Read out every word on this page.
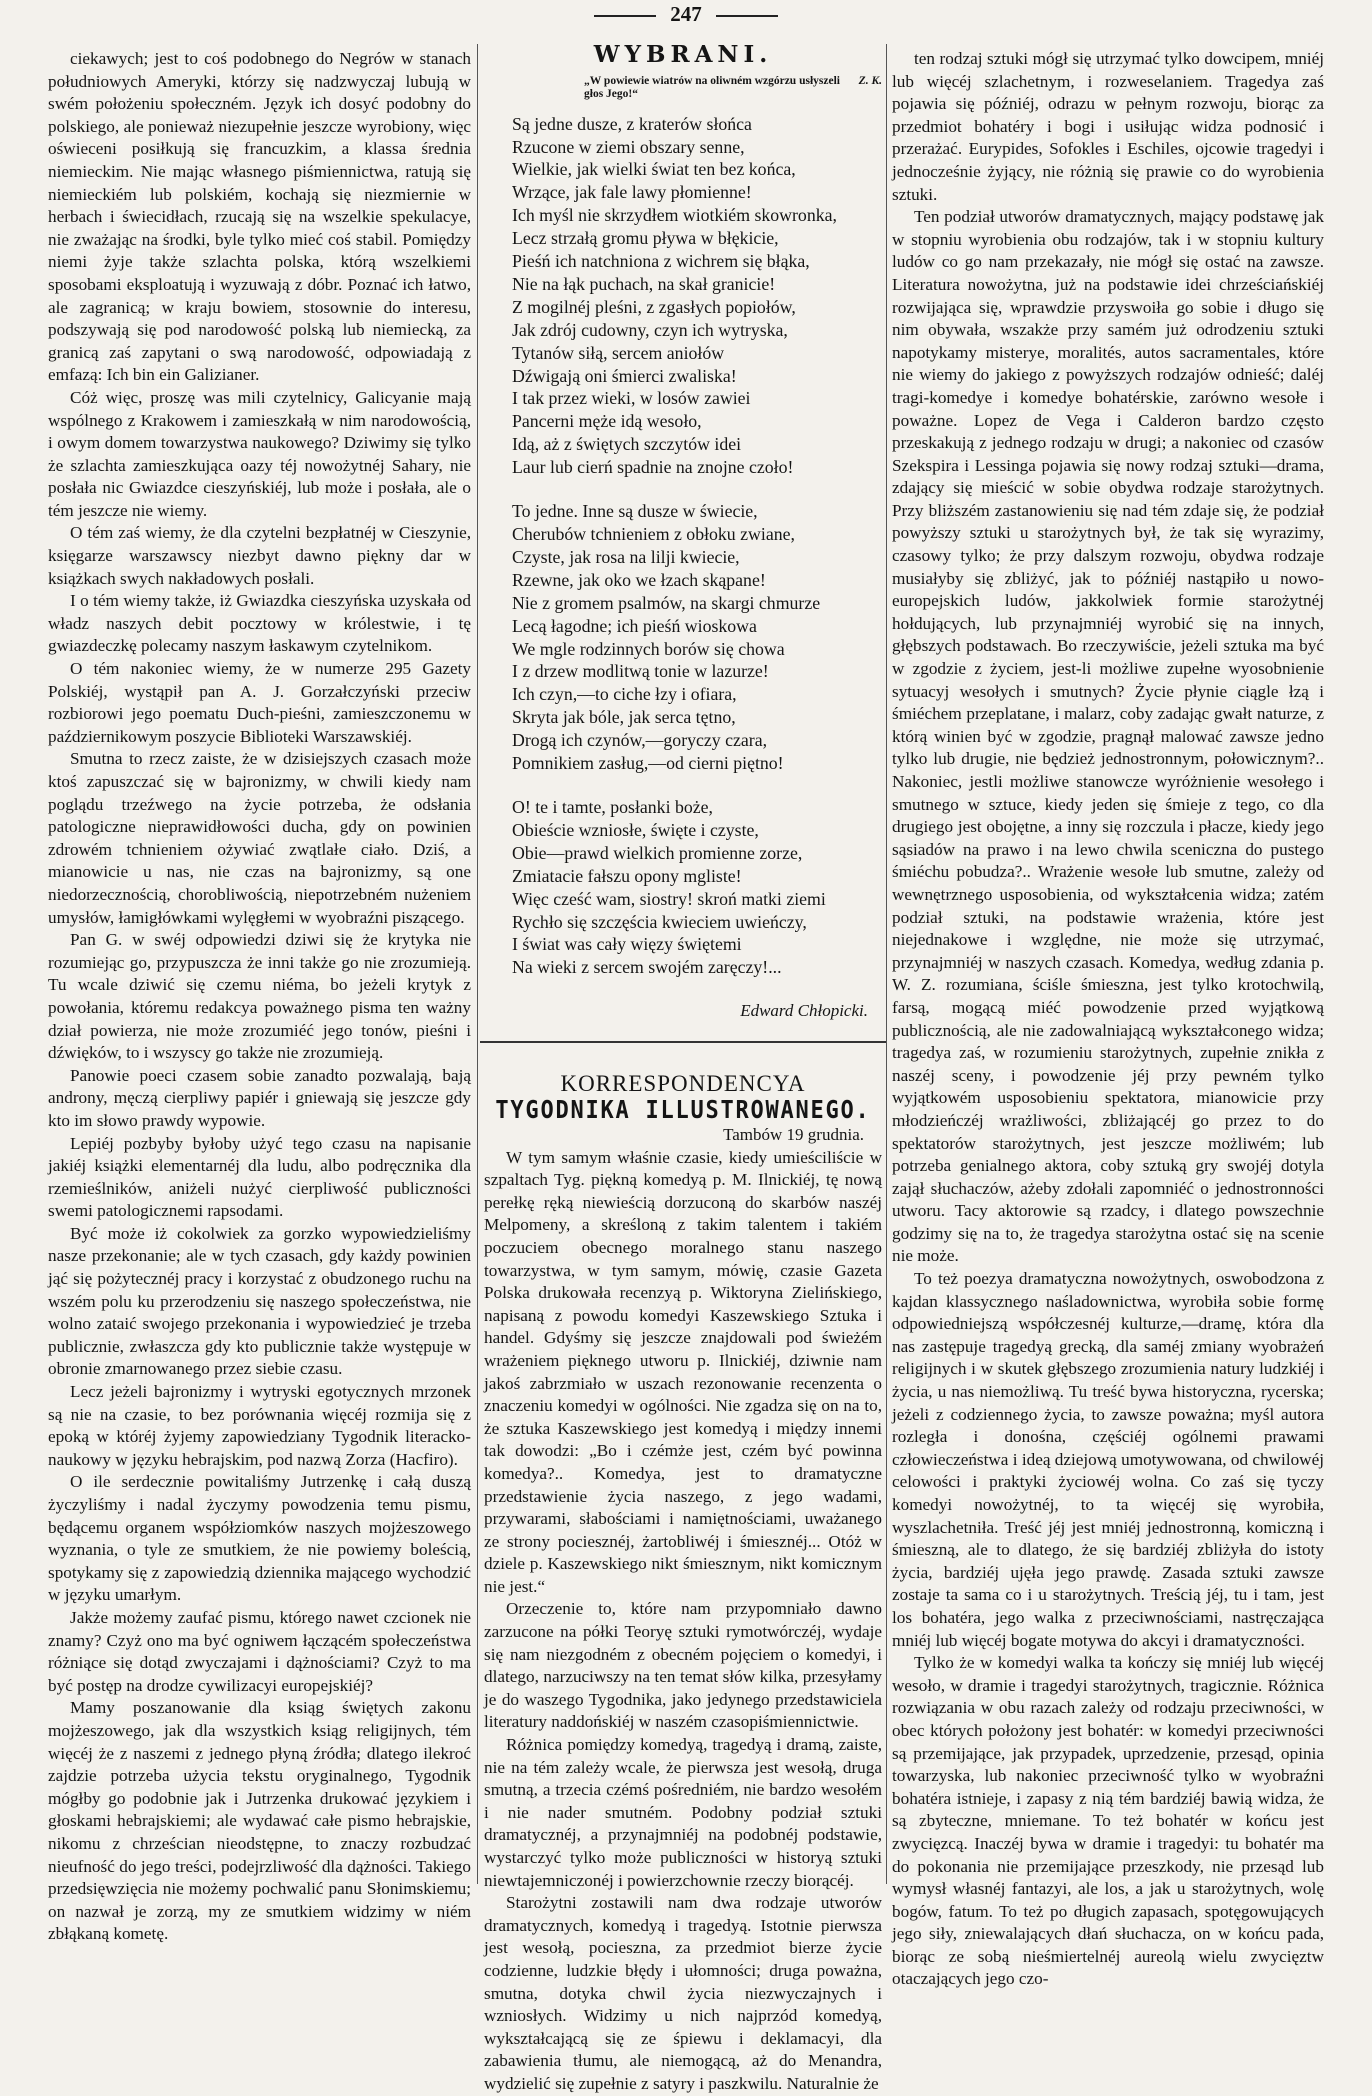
247

ciekawych; jest to coś podobnego do Negrów w stanach południowych Ameryki, którzy się nadzwyczaj lubują w swém położeniu społeczném. Język ich dosyć podobny do polskiego, ale ponieważ niezupełnie jeszcze wyrobiony, więc oświeceni posiłkują się francuzkim, a klassa średnia niemieckim. Nie mając własnego piśmiennictwa, ratują się niemieckiém lub polskiém, kochają się niezmiernie w herbach i świecidłach, rzucają się na wszelkie spekulacye, nie zważając na środki, byle tylko mieć coś stabil. Pomiędzy niemi żyje także szlachta polska, którą wszelkiemi sposobami eksploatują i wyzuwają z dóbr. Poznać ich łatwo, ale zagranicą; w kraju bowiem, stosownie do interesu, podszywają się pod narodowość polską lub niemiecką, za granicą zaś zapytani o swą narodowość, odpowiadają z emfazą: Ich bin ein Galizianer.

Cóż więc, proszę was mili czytelnicy, Galicyanie mają wspólnego z Krakowem i zamieszkałą w nim narodowością, i owym domem towarzystwa naukowego? Dziwimy się tylko że szlachta zamieszkująca oazy téj nowożytnéj Sahary, nie posłała nic Gwiazdce cieszyńskiéj, lub może i posłała, ale o tém jeszcze nie wiemy.

O tém zaś wiemy, że dla czytelni bezpłatnéj w Cieszynie, księgarze warszawscy niezbyt dawno piękny dar w książkach swych nakładowych posłali.

I o tém wiemy także, iż Gwiazdka cieszyńska uzyskała od władz naszych debit pocztowy w królestwie, i tę gwiazdeczkę polecamy naszym łaskawym czytelnikom.

O tém nakoniec wiemy, że w numerze 295 Gazety Polskiéj, wystąpił pan A. J. Gorzałczyński przeciw rozbiorowi jego poematu Duch-pieśni, zamieszczonemu w październikowym poszycie Biblioteki Warszawskiéj.

Smutna to rzecz zaiste, że w dzisiejszych czasach może ktoś zapuszczać się w bajronizmy, w chwili kiedy nam poglądu trzeźwego na życie potrzeba, że odsłania patologiczne nieprawidłowości ducha, gdy on powinien zdrowém tchnieniem ożywiać zwątlałe ciało. Dziś, a mianowicie u nas, nie czas na bajronizmy, są one niedorzecznością, chorobliwością, niepotrzebném nużeniem umysłów, łamigłówkami wylęgłemi w wyobraźni piszącego.

Pan G. w swéj odpowiedzi dziwi się że krytyka nie rozumiejąc go, przypuszcza że inni także go nie zrozumieją. Tu wcale dziwić się czemu niéma, bo jeżeli krytyk z powołania, któremu redakcya poważnego pisma ten ważny dział powierza, nie może zrozumiéć jego tonów, pieśni i dźwięków, to i wszyscy go także nie zrozumieją.

Panowie poeci czasem sobie zanadto pozwalają, bają androny, męczą cierpliwy papiér i gniewają się jeszcze gdy kto im słowo prawdy wypowie.

Lepiéj pozbyby byłoby użyć tego czasu na napisanie jakiéj książki elementarnéj dla ludu, albo podręcznika dla rzemieślników, aniżeli nużyć cierpliwość publiczności swemi patologicznemi rapsodami.

Być może iż cokolwiek za gorzko wypowiedzieliśmy nasze przekonanie; ale w tych czasach, gdy każdy powinien jąć się pożytecznéj pracy i korzystać z obudzonego ruchu na wszém polu ku przerodzeniu się naszego społeczeństwa, nie wolno zataić swojego przekonania i wypowiedzieć je trzeba publicznie, zwłaszcza gdy kto publicznie także występuje w obronie zmarnowanego przez siebie czasu.

Lecz jeżeli bajronizmy i wytryski egotycznych mrzonek są nie na czasie, to bez porównania więcéj rozmija się z epoką w któréj żyjemy zapowiedziany Tygodnik literacko-naukowy w języku hebrajskim, pod nazwą Zorza (Hacfiro).

O ile serdecznie powitaliśmy Jutrzenkę i całą duszą życzyliśmy i nadal życzymy powodzenia temu pismu, będącemu organem współziomków naszych mojżeszowego wyznania, o tyle ze smutkiem, że nie powiemy boleścią, spotykamy się z zapowiedzią dziennika mającego wychodzić w języku umarłym.

Jakże możemy zaufać pismu, którego nawet czcionek nie znamy? Czyż ono ma być ogniwem łączącém społeczeństwa różniące się dotąd zwyczajami i dążnościami? Czyż to ma być postęp na drodze cywilizacyi europejskiéj?

Mamy poszanowanie dla ksiąg świętych zakonu mojżeszowego, jak dla wszystkich ksiąg religijnych, tém więcéj że z naszemi z jednego płyną źródła; dlatego ilekroć zajdzie potrzeba użycia tekstu oryginalnego, Tygodnik mógłby go podobnie jak i Jutrzenka drukować językiem i głoskami hebrajskiemi; ale wydawać całe pismo hebrajskie, nikomu z chrześcian nieodstępne, to znaczy rozbudzać nieufność do jego treści, podejrzliwość dla dążności. Takiego przedsięwzięcia nie możemy pochwalić panu Słonimskiemu; on nazwał je zorzą, my ze smutkiem widzimy w niém zbłąkaną kometę.

WYBRANI.
Z. K.
„W powiewie wiatrów na oliwném wzgórzu usłyszeli głos Jego!“
Są jedne dusze, z kraterów słońca
Rzucone w ziemi obszary senne,
Wielkie, jak wielki świat ten bez końca,
Wrzące, jak fale lawy płomienne!
Ich myśl nie skrzydłem wiotkiém skowronka,
Lecz strzałą gromu pływa w błękicie,
Pieśń ich natchniona z wichrem się błąka,
Nie na łąk puchach, na skał granicie!
Z mogilnéj pleśni, z zgasłych popiołów,
Jak zdrój cudowny, czyn ich wytryska,
Tytanów siłą, sercem aniołów
Dźwigają oni śmierci zwaliska!
I tak przez wieki, w losów zawiei
Pancerni męże idą wesoło,
Idą, aż z świętych szczytów idei
Laur lub cierń spadnie na znojne czoło!
To jedne. Inne są dusze w świecie,
Cherubów tchnieniem z obłoku zwiane,
Czyste, jak rosa na lilji kwiecie,
Rzewne, jak oko we łzach skąpane!
Nie z gromem psalmów, na skargi chmurze
Lecą łagodne; ich pieśń wioskowa
We mgle rodzinnych borów się chowa
I z drzew modlitwą tonie w lazurze!
Ich czyn,—to ciche łzy i ofiara,
Skryta jak bóle, jak serca tętno,
Drogą ich czynów,—goryczy czara,
Pomnikiem zasług,—od cierni piętno!
O! te i tamte, posłanki boże,
Obieście wzniosłe, święte i czyste,
Obie—prawd wielkich promienne zorze,
Zmiatacie fałszu opony mgliste!
Więc cześć wam, siostry! skroń matki ziemi
Rychło się szczęścia kwieciem uwieńczy,
I świat was cały więzy świętemi
Na wieki z sercem swojém zaręczy!...
Edward Chłopicki.
KORRESPONDENCYA
TYGODNIKA ILLUSTROWANEGO.
Tambów 19 grudnia.

W tym samym właśnie czasie, kiedy umieściliście w szpaltach Tyg. piękną komedyą p. M. Ilnickiéj, tę nową perełkę ręką niewieścią dorzuconą do skarbów naszéj Melpomeny, a skreśloną z takim talentem i takiém poczuciem obecnego moralnego stanu naszego towarzystwa, w tym samym, mówię, czasie Gazeta Polska drukowała recenzyą p. Wiktoryna Zielińskiego, napisaną z powodu komedyi Kaszewskiego Sztuka i handel. Gdyśmy się jeszcze znajdowali pod świeżém wrażeniem pięknego utworu p. Ilnickiéj, dziwnie nam jakoś zabrzmiało w uszach rezonowanie recenzenta o znaczeniu komedyi w ogólności. Nie zgadza się on na to, że sztuka Kaszewskiego jest komedyą i między innemi tak dowodzi: „Bo i czémże jest, czém być powinna komedya?.. Komedya, jest to dramatyczne przedstawienie życia naszego, z jego wadami, przywarami, słabościami i namiętnościami, uważanego ze strony pociesznéj, żartobliwéj i śmiesznéj... Otóż w dziele p. Kaszewskiego nikt śmiesznym, nikt komicznym nie jest.“

Orzeczenie to, które nam przypomniało dawno zarzucone na półki Teoryę sztuki rymotwórczéj, wydaje się nam niezgodném z obecném pojęciem o komedyi, i dlatego, narzuciwszy na ten temat słów kilka, przesyłamy je do waszego Tygodnika, jako jedynego przedstawiciela literatury naddońskiéj w naszém czasopiśmiennictwie.

Różnica pomiędzy komedyą, tragedyą i dramą, zaiste, nie na tém zależy wcale, że pierwsza jest wesołą, druga smutną, a trzecia czémś pośredniém, nie bardzo wesołém i nie nader smutném. Podobny podział sztuki dramatycznéj, a przynajmniéj na podobnéj podstawie, wystarczyć tylko może publiczności w historyą sztuki niewtajemniczonéj i powierzchownie rzeczy biorącéj.

Starożytni zostawili nam dwa rodzaje utworów dramatycznych, komedyą i tragedyą. Istotnie pierwsza jest wesołą, pocieszna, za przedmiot bierze życie codzienne, ludzkie błędy i ułomności; druga poważna, smutna, dotyka chwil życia niezwyczajnych i wzniosłych. Widzimy u nich najprzód komedyą, wykształcającą się ze śpiewu i deklamacyi, dla zabawienia tłumu, ale niemogącą, aż do Menandra, wydzielić się zupełnie z satyry i paszkwilu. Naturalnie że

ten rodzaj sztuki mógł się utrzymać tylko dowcipem, mniéj lub więcéj szlachetnym, i rozweselaniem. Tragedya zaś pojawia się późniéj, odrazu w pełnym rozwoju, biorąc za przedmiot bohatéry i bogi i usiłując widza podnosić i przerażać. Eurypides, Sofokles i Eschiles, ojcowie tragedyi i jednocześnie żyjący, nie różnią się prawie co do wyrobienia sztuki.

Ten podział utworów dramatycznych, mający podstawę jak w stopniu wyrobienia obu rodzajów, tak i w stopniu kultury ludów co go nam przekazały, nie mógł się ostać na zawsze. Literatura nowożytna, już na podstawie idei chrześciańskiéj rozwijająca się, wprawdzie przyswoiła go sobie i długo się nim obywała, wszakże przy samém już odrodzeniu sztuki napotykamy misterye, moralités, autos sacramentales, które nie wiemy do jakiego z powyższych rodzajów odnieść; daléj tragi-komedye i komedye bohatérskie, zarówno wesołe i poważne. Lopez de Vega i Calderon bardzo często przeskakują z jednego rodzaju w drugi; a nakoniec od czasów Szekspira i Lessinga pojawia się nowy rodzaj sztuki—drama, zdający się mieścić w sobie obydwa rodzaje starożytnych. Przy bliższém zastanowieniu się nad tém zdaje się, że podział powyższy sztuki u starożytnych był, że tak się wyrazimy, czasowy tylko; że przy dalszym rozwoju, obydwa rodzaje musiałyby się zbliżyć, jak to późniéj nastąpiło u nowo-europejskich ludów, jakkolwiek formie starożytnéj hołdujących, lub przynajmniéj wyrobić się na innych, głębszych podstawach. Bo rzeczywiście, jeżeli sztuka ma być w zgodzie z życiem, jest-li możliwe zupełne wyosobnienie sytuacyj wesołych i smutnych? Życie płynie ciągle łzą i śmiéchem przeplatane, i malarz, coby zadając gwałt naturze, z którą winien być w zgodzie, pragnął malować zawsze jedno tylko lub drugie, nie będzież jednostronnym, połowicznym?.. Nakoniec, jestli możliwe stanowcze wyróżnienie wesołego i smutnego w sztuce, kiedy jeden się śmieje z tego, co dla drugiego jest obojętne, a inny się rozczula i płacze, kiedy jego sąsiadów na prawo i na lewo chwila sceniczna do pustego śmiéchu pobudza?.. Wrażenie wesołe lub smutne, zależy od wewnętrznego usposobienia, od wykształcenia widza; zatém podział sztuki, na podstawie wrażenia, które jest niejednakowe i względne, nie może się utrzymać, przynajmniéj w naszych czasach. Komedya, według zdania p. W. Z. rozumiana, ściśle śmieszna, jest tylko krotochwilą, farsą, mogącą miéć powodzenie przed wyjątkową publicznością, ale nie zadowalniającą wykształconego widza; tragedya zaś, w rozumieniu starożytnych, zupełnie znikła z naszéj sceny, i powodzenie jéj przy pewném tylko wyjątkowém usposobieniu spektatora, mianowicie przy młodzieńczéj wrażliwości, zbliżającéj go przez to do spektatorów starożytnych, jest jeszcze możliwém; lub potrzeba genialnego aktora, coby sztuką gry swojéj dotyla zajął słuchaczów, ażeby zdołali zapomniéć o jednostronności utworu. Tacy aktorowie są rzadcy, i dlatego powszechnie godzimy się na to, że tragedya starożytna ostać się na scenie nie może.

To też poezya dramatyczna nowożytnych, oswobodzona z kajdan klassycznego naśladownictwa, wyrobiła sobie formę odpowiedniejszą współczesnéj kulturze,—dramę, która dla nas zastępuje tragedyą grecką, dla saméj zmiany wyobrażeń religijnych i w skutek głębszego zrozumienia natury ludzkiéj i życia, u nas niemożliwą. Tu treść bywa historyczna, rycerska; jeżeli z codziennego życia, to zawsze poważna; myśl autora rozległa i donośna, częściéj ogólnemi prawami człowieczeństwa i ideą dziejową umotywowana, od chwilowéj celowości i praktyki życiowéj wolna. Co zaś się tyczy komedyi nowożytnéj, to ta więcéj się wyrobiła, wyszlachetniła. Treść jéj jest mniéj jednostronną, komiczną i śmieszną, ale to dlatego, że się bardziéj zbliżyła do istoty życia, bardziéj ujęła jego prawdę. Zasada sztuki zawsze zostaje ta sama co i u starożytnych. Treścią jéj, tu i tam, jest los bohatéra, jego walka z przeciwnościami, nastręczająca mniéj lub więcéj bogate motywa do akcyi i dramatyczności.

Tylko że w komedyi walka ta kończy się mniéj lub więcéj wesoło, w dramie i tragedyi starożytnych, tragicznie. Różnica rozwiązania w obu razach zależy od rodzaju przeciwności, w obec których położony jest bohatér: w komedyi przeciwności są przemijające, jak przypadek, uprzedzenie, przesąd, opinia towarzyska, lub nakoniec przeciwność tylko w wyobraźni bohatéra istnieje, i zapasy z nią tém bardziéj bawią widza, że są zbyteczne, mniemane. To też bohatér w końcu jest zwycięzcą. Inaczéj bywa w dramie i tragedyi: tu bohatér ma do pokonania nie przemijające przeszkody, nie przesąd lub wymysł własnéj fantazyi, ale los, a jak u starożytnych, wolę bogów, fatum. To też po długich zapasach, spotęgowujących jego siły, zniewalających dłań słuchacza, on w końcu pada, biorąc ze sobą nieśmiertelnéj aureolą wielu zwycięztw otaczających jego czo-
